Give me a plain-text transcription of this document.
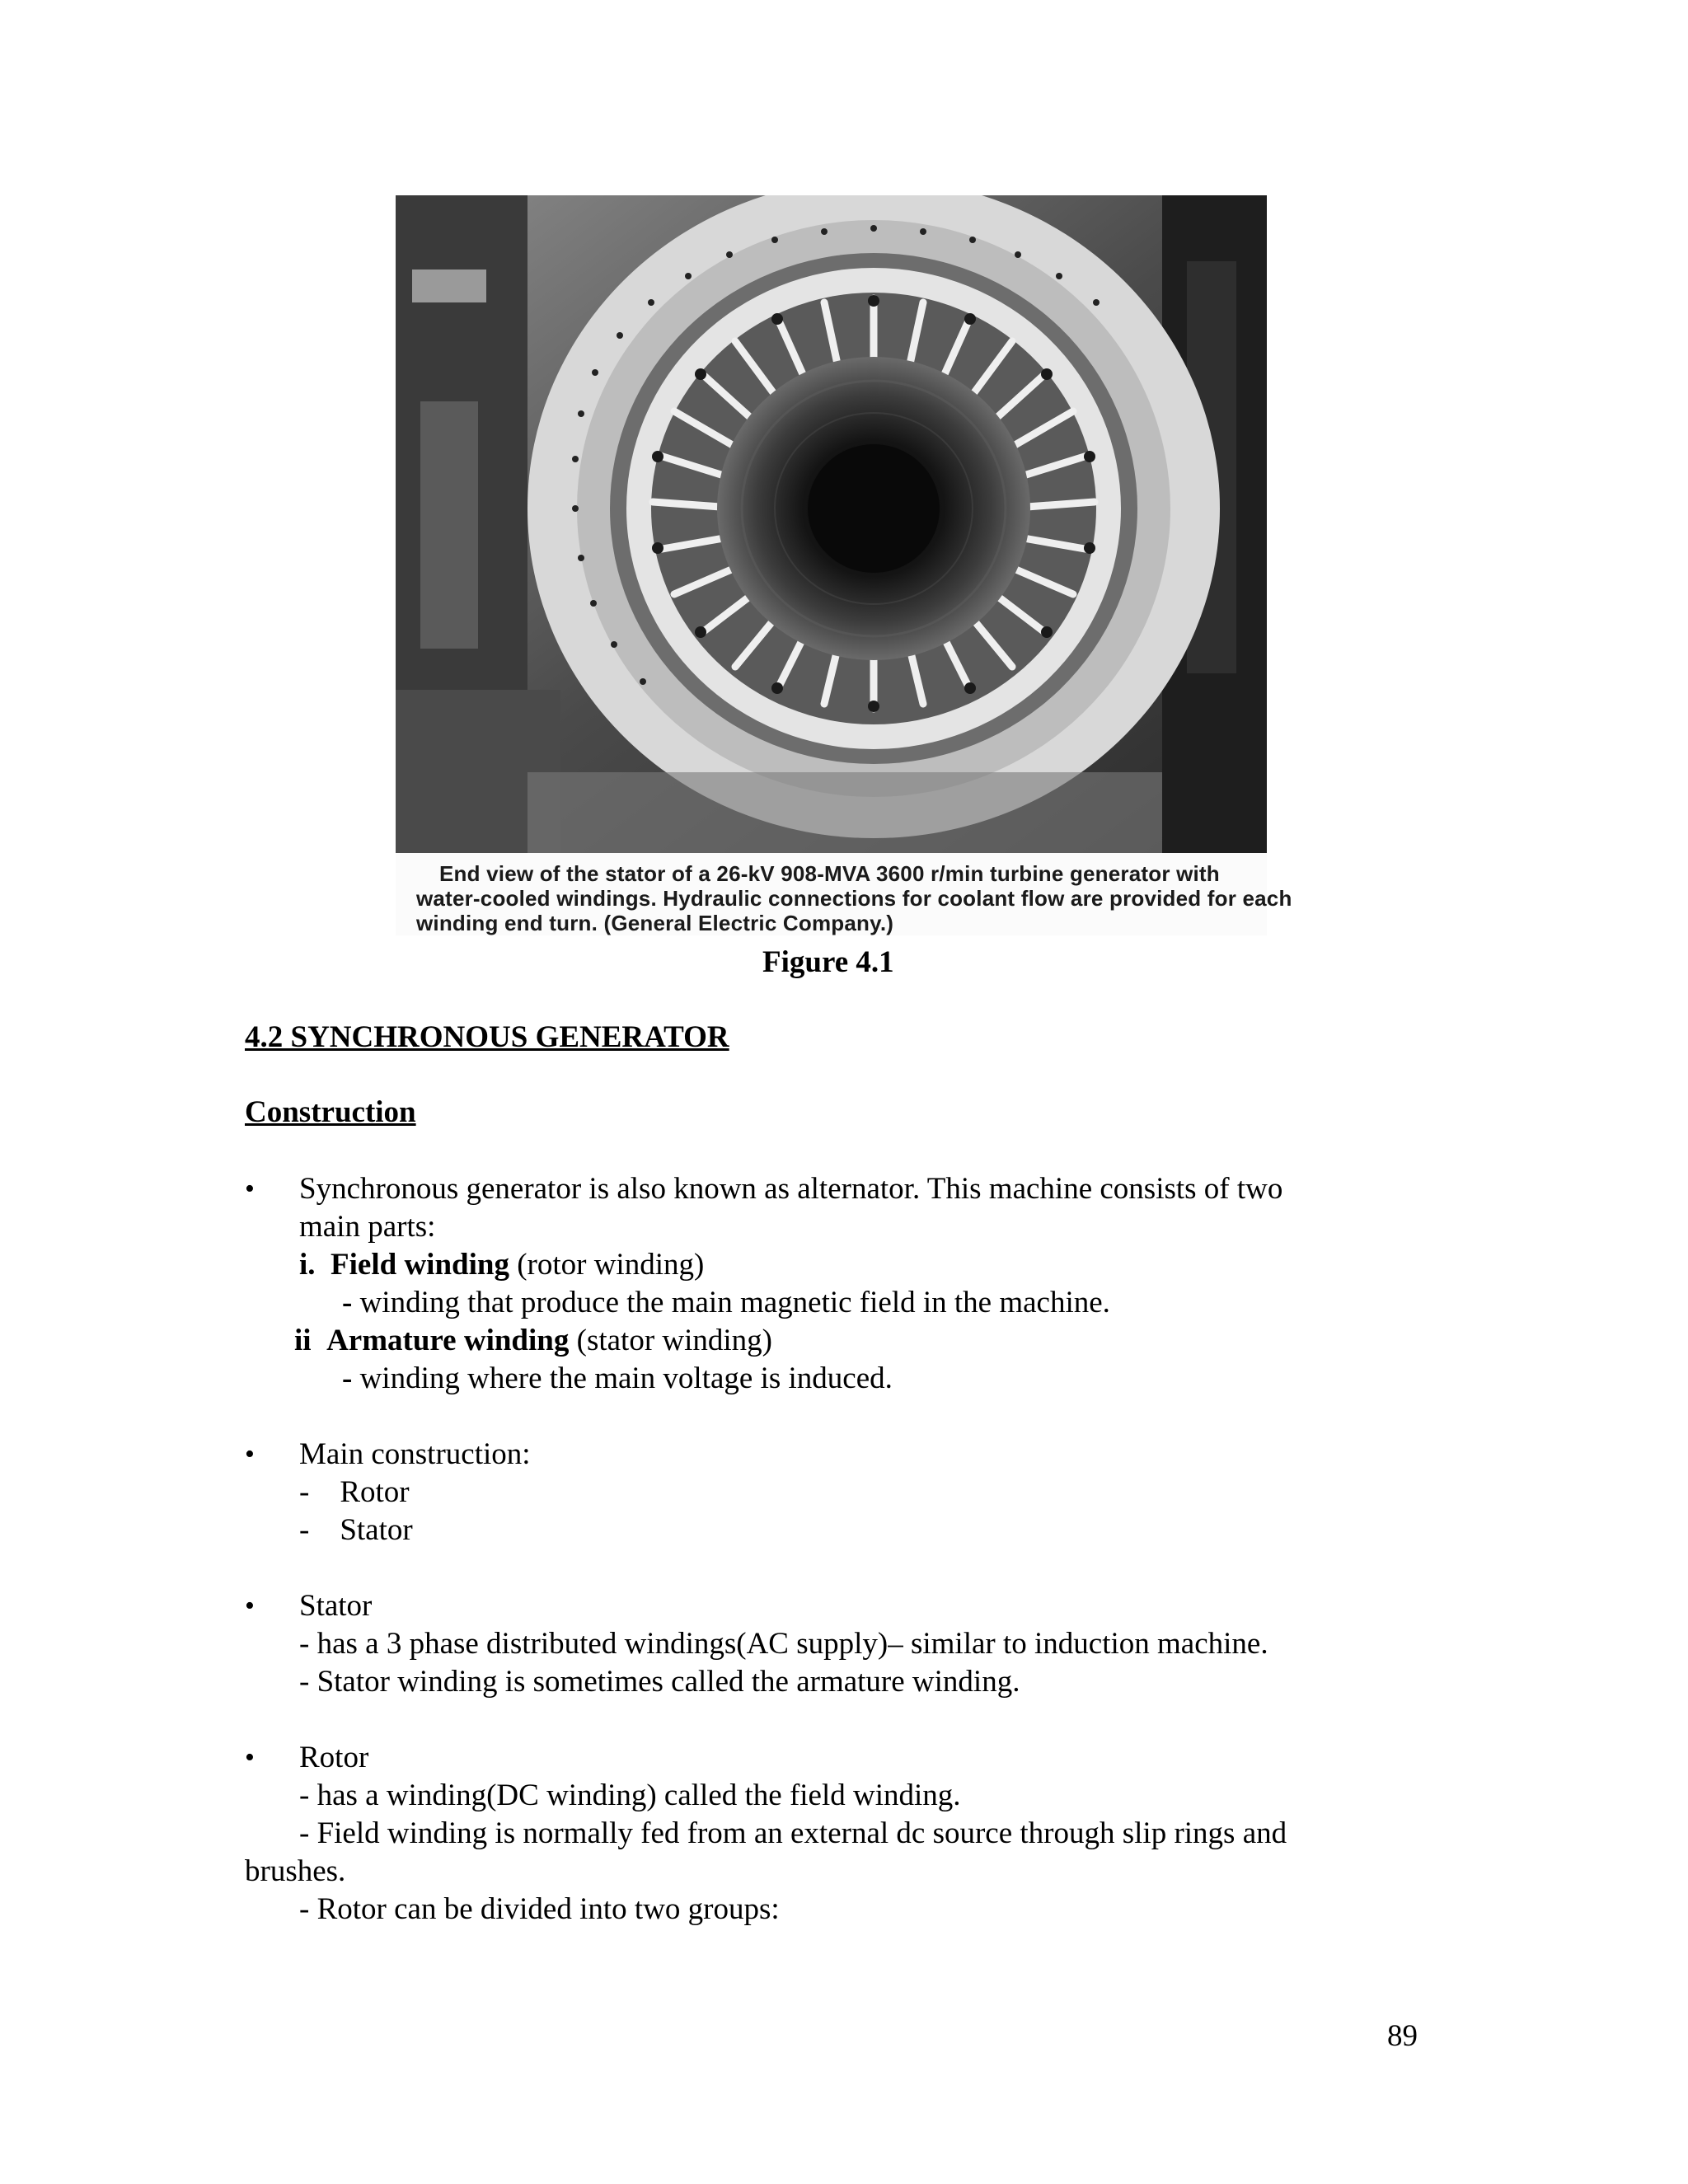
End view of the stator of a 26-kV 908-MVA 3600 r/min turbine generator with
water-cooled windings. Hydraulic connections for coolant flow are provided for each
winding end turn. (General Electric Company.)
Figure 4.1
4.2 SYNCHRONOUS GENERATOR
Construction
• Synchronous generator is also known as alternator. This machine consists of two
main parts:
i. Field winding (rotor winding)
- winding that produce the main magnetic field in the machine.
ii Armature winding (stator winding)
- winding where the main voltage is induced.
• Main construction:
-    Rotor
-    Stator
• Stator
- has a 3 phase distributed windings(AC supply)– similar to induction machine.
- Stator winding is sometimes called the armature winding.
• Rotor
- has a winding(DC winding) called the field winding.
- Field winding is normally fed from an external dc source through slip rings and
brushes.
- Rotor can be divided into two groups:
89
